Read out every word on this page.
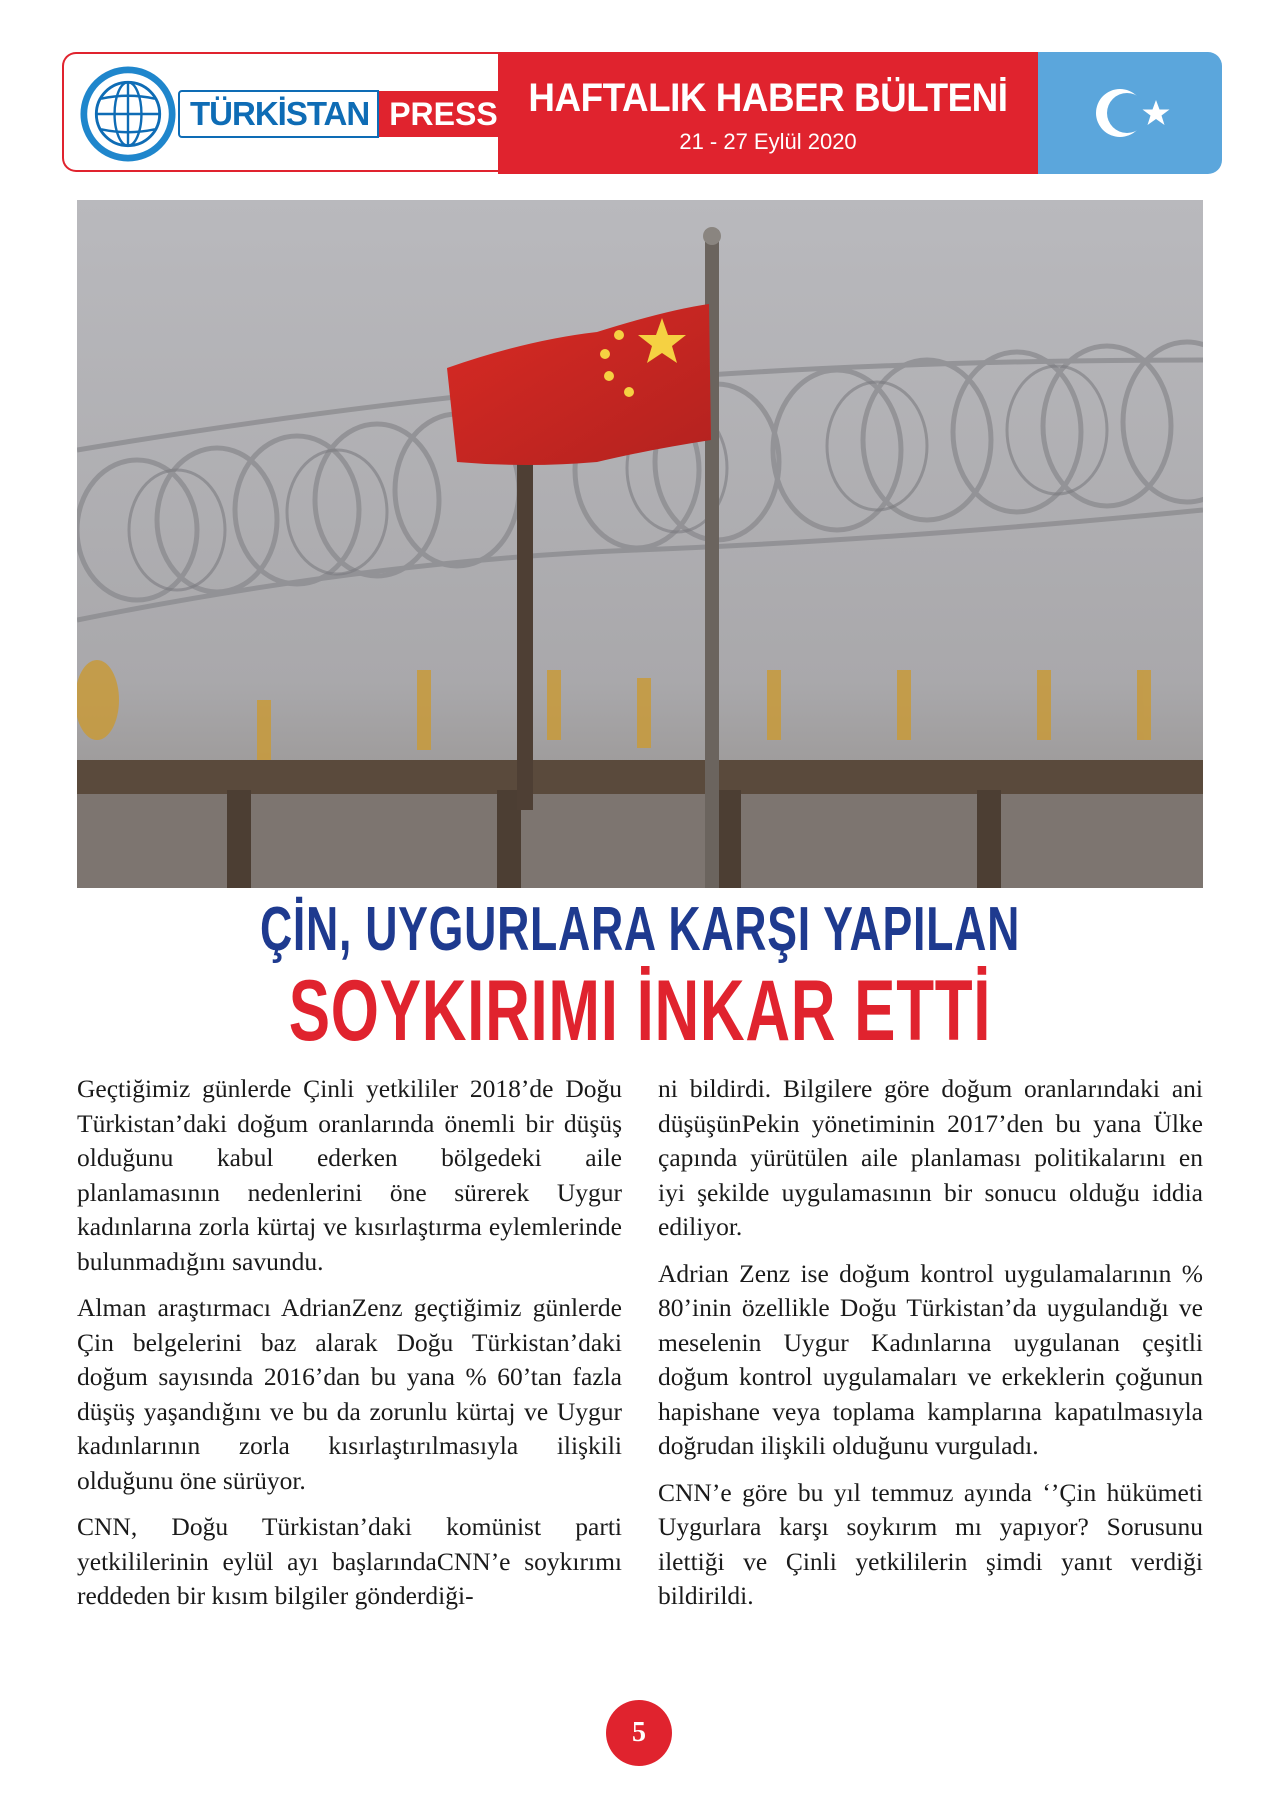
TÜRKİSTAN PRESS HAFTALIK HABER BÜLTENİ
21 - 27 Eylül 2020
ÇİN, UYGURLARA KARŞI YAPILAN
SOYKIRIMI İNKAR ETTİ

Geçtiğimiz günlerde Çinli yetkililer 2018’de Doğu Türkistan’daki doğum oranlarında önemli bir düşüş olduğunu kabul ederken bölgedeki aile planlamasının nedenlerini öne sürerek Uygur kadınlarına zorla kürtaj ve kısırlaştırma eylemlerinde bulunmadığını savundu.

Alman araştırmacı AdrianZenz geçtiğimiz günlerde Çin belgelerini baz alarak Doğu Türkistan’daki doğum sayısında 2016’dan bu yana % 60’tan fazla düşüş yaşandığını ve bu da zorunlu kürtaj ve Uygur kadınlarının zorla kısırlaştırılmasıyla ilişkili olduğunu öne sürüyor.

CNN, Doğu Türkistan’daki komünist parti yetkililerinin eylül ayı başlarındaCNN’e soykırımı reddeden bir kısım bilgiler gönderdiği-

ni bildirdi. Bilgilere göre doğum oranlarındaki ani düşüşünPekin yönetiminin 2017’den bu yana Ülke çapında yürütülen aile planlaması politikalarını en iyi şekilde uygulamasının bir sonucu olduğu iddia ediliyor.

Adrian Zenz ise doğum kontrol uygulamalarının % 80’inin özellikle Doğu Türkistan’da uygulandığı ve meselenin Uygur Kadınlarına uygulanan çeşitli doğum kontrol uygulamaları ve erkeklerin çoğunun hapishane veya toplama kamplarına kapatılmasıyla doğrudan ilişkili olduğunu vurguladı.

CNN’e göre bu yıl temmuz ayında ‘’Çin hükümeti Uygurlara karşı soykırım mı yapıyor? Sorusunu ilettiği ve Çinli yetkililerin şimdi yanıt verdiği bildirildi.

5
